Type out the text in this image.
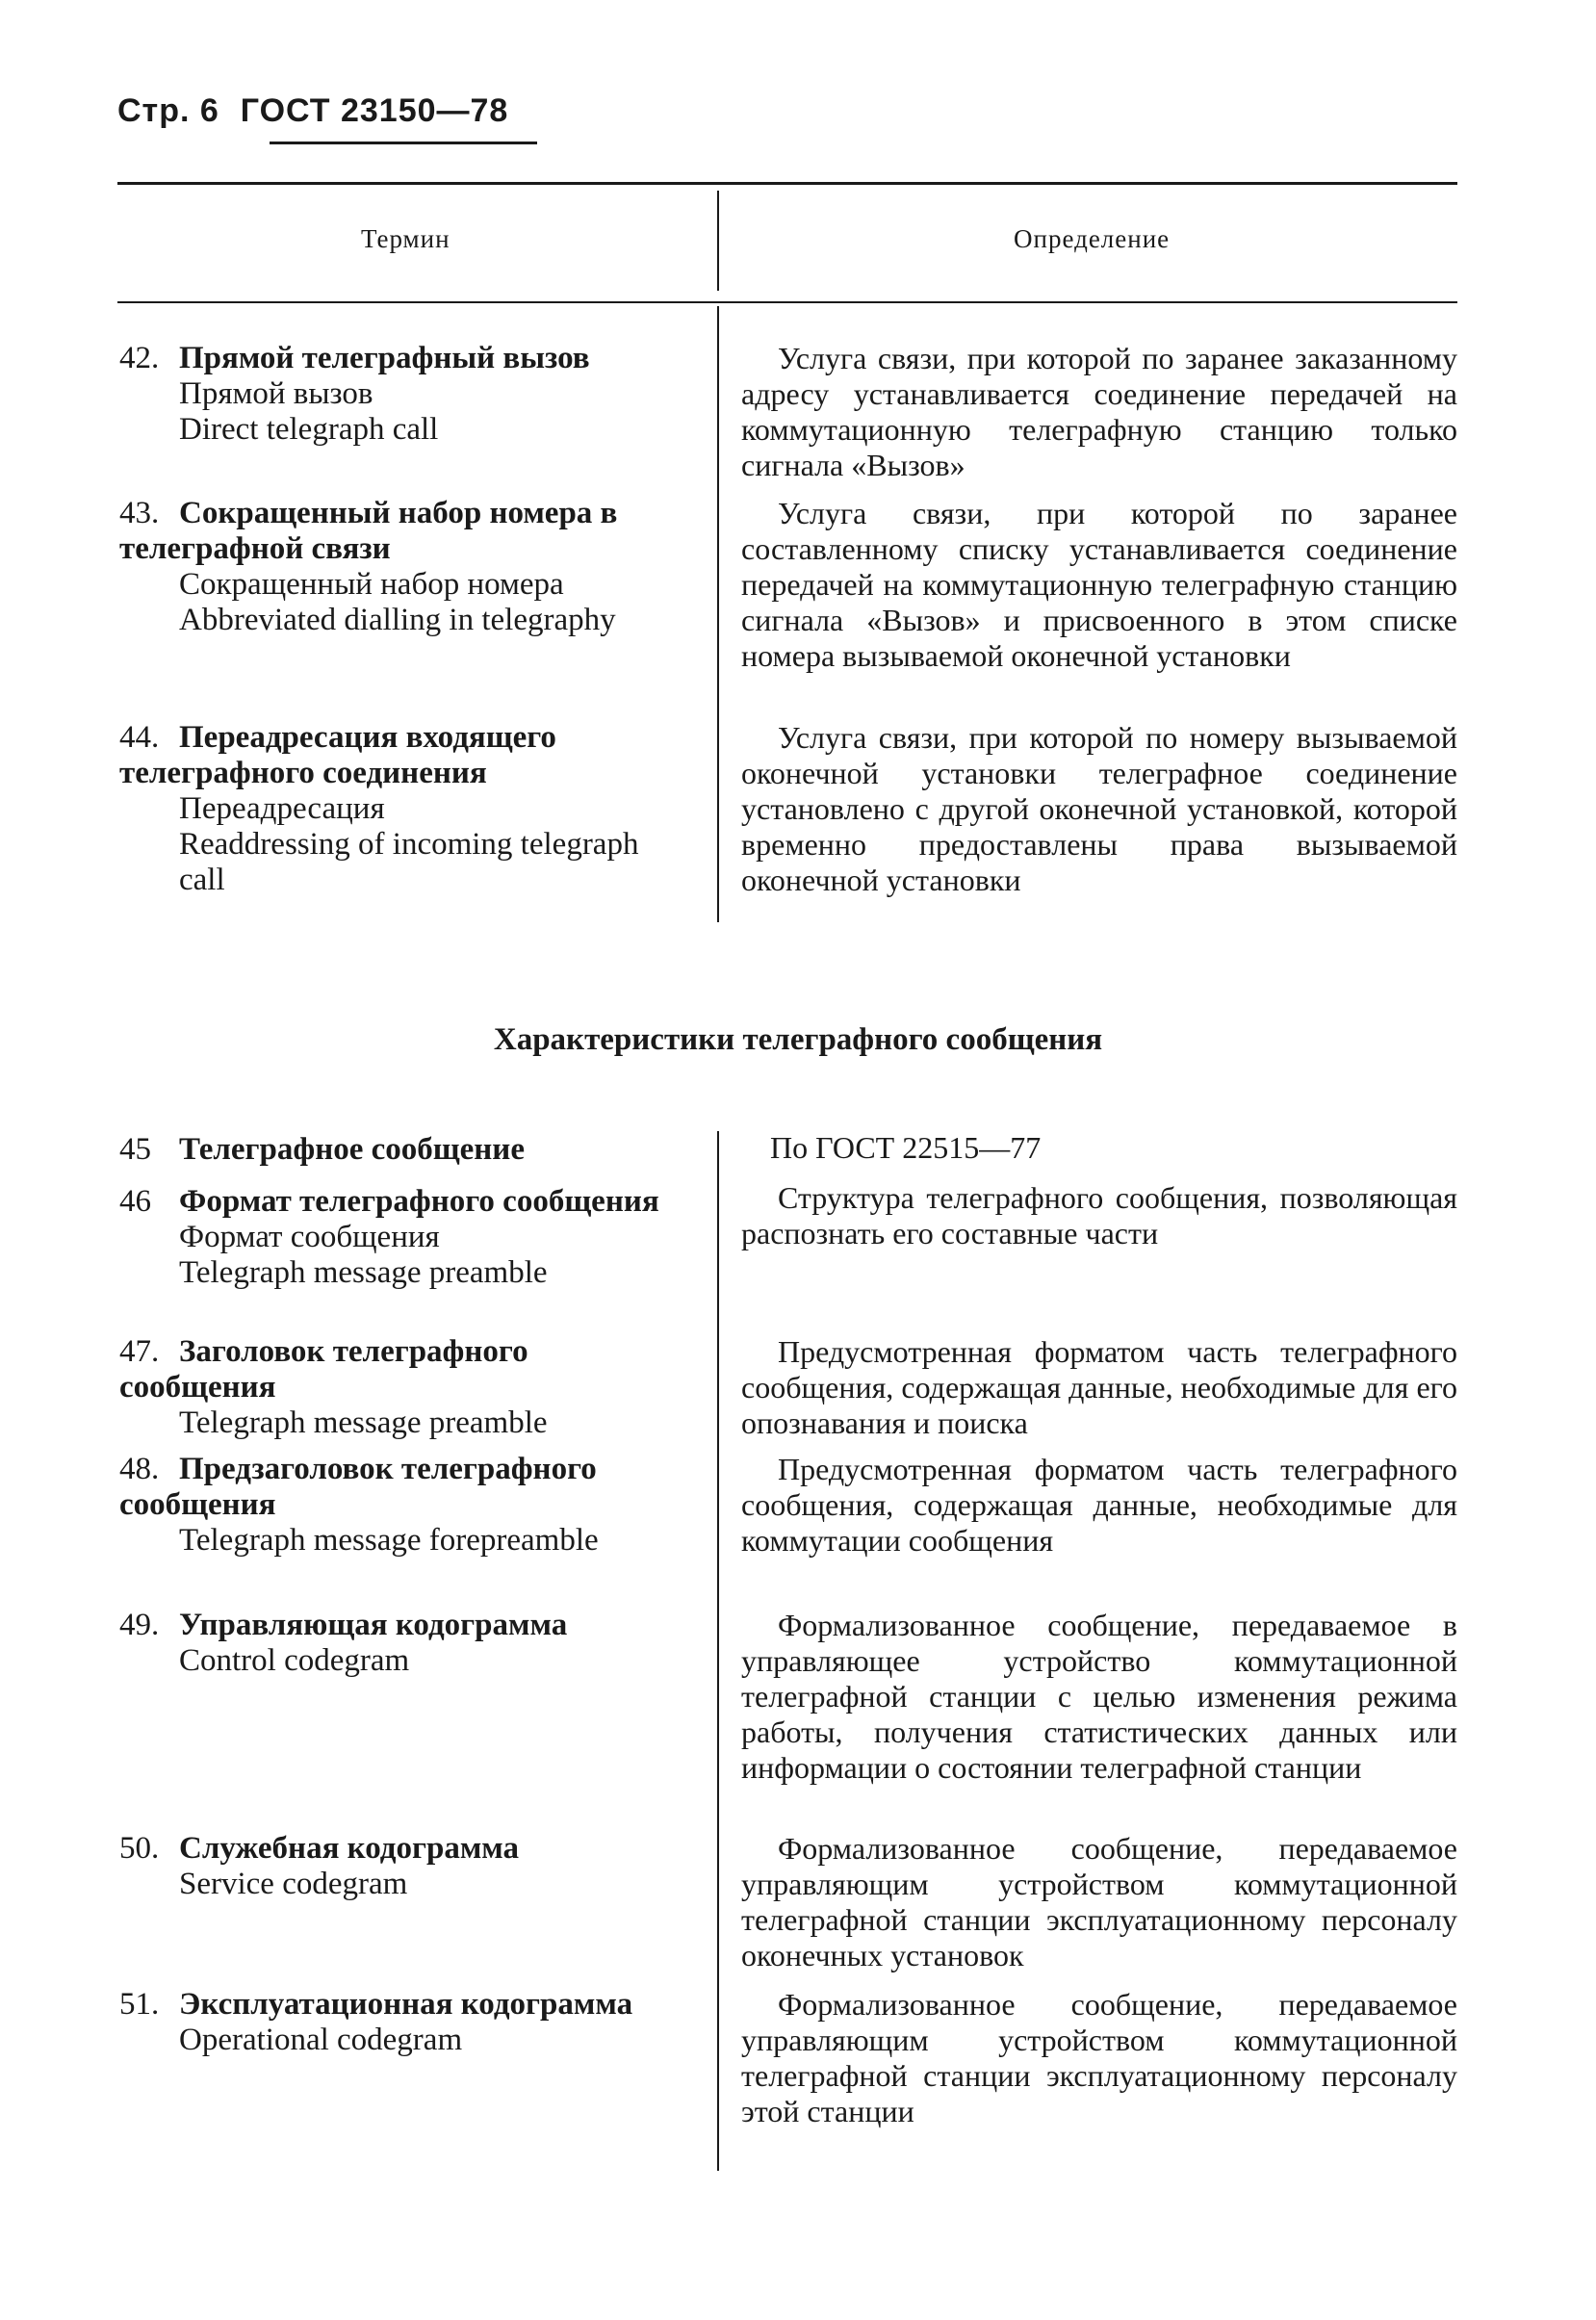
Стр. 6 ГОСТ 23150—78
Термин	Определение
42. Прямой телеграфный вызов
Прямой вызов
Direct telegraph call
Услуга связи, при которой по заранее заказанному адресу устанавливается соединение передачей на коммутационную телеграфную станцию только сигнала «Вызов»
43. Сокращенный набор номера в телеграфной связи
Сокращенный набор номера
Abbreviated dialling in telegraphy
Услуга связи, при которой по заранее составленному списку устанавливается соединение передачей на коммутационную телеграфную станцию сигнала «Вызов» и присвоенного в этом списке номера вызываемой оконечной установки
44. Переадресация входящего телеграфного соединения
Переадресация
Readdressing of incoming telegraph call
Услуга связи, при которой по номеру вызываемой оконечной установки телеграфное соединение установлено с другой оконечной установкой, которой временно предоставлены права вызываемой оконечной установки
Характеристики телеграфного сообщения
45 Телеграфное сообщение	По ГОСТ 22515—77
46 Формат телеграфного сообщения
Формат сообщения
Telegraph message preamble
Структура телеграфного сообщения, позволяющая распознать его составные части
47. Заголовок телеграфного сообщения
Telegraph message preamble
Предусмотренная форматом часть телеграфного сообщения, содержащая данные, необходимые для его опознавания и поиска
48. Предзаголовок телеграфного сообщения
Telegraph message forepreamble
Предусмотренная форматом часть телеграфного сообщения, содержащая данные, необходимые для коммутации сообщения
49. Управляющая кодограмма
Control codegram
Формализованное сообщение, передаваемое в управляющее устройство коммутационной телеграфной станции с целью изменения режима работы, получения статистических данных или информации о состоянии телеграфной станции
50. Служебная кодограмма
Service codegram
Формализованное сообщение, передаваемое управляющим устройством коммутационной телеграфной станции эксплуатационному персоналу оконечных установок
51. Эксплуатационная кодограмма
Operational codegram
Формализованное сообщение, передаваемое управляющим устройством коммутационной телеграфной станции эксплуатационному персоналу этой станции
